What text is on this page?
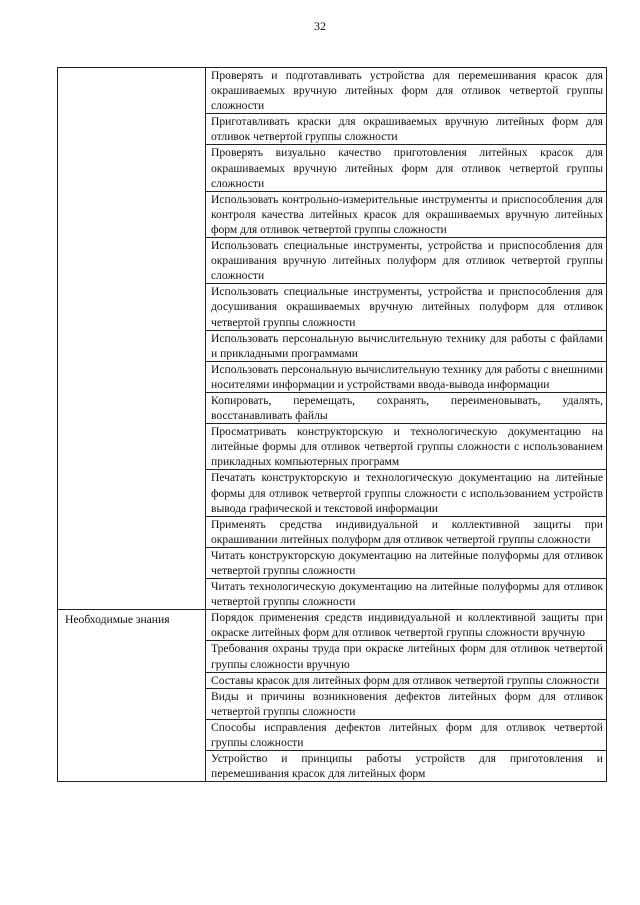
32
	Проверять и подготавливать устройства для перемешивания красок для окрашиваемых вручную литейных форм для отливок четвертой группы сложности
	Приготавливать краски для окрашиваемых вручную литейных форм для отливок четвертой группы сложности
	Проверять визуально качество приготовления литейных красок для окрашиваемых вручную литейных форм для отливок четвертой группы сложности
	Использовать контрольно-измерительные инструменты и приспособления для контроля качества литейных красок для окрашиваемых вручную литейных форм для отливок четвертой группы сложности
	Использовать специальные инструменты, устройства и приспособления для окрашивания вручную литейных полуформ для отливок четвертой группы сложности
	Использовать специальные инструменты, устройства и приспособления для досушивания окрашиваемых вручную литейных полуформ для отливок четвертой группы сложности
	Использовать персональную вычислительную технику для работы с файлами и прикладными программами
	Использовать персональную вычислительную технику для работы с внешними носителями информации и устройствами ввода-вывода информации
	Копировать, перемещать, сохранять, переименовывать, удалять, восстанавливать файлы
	Просматривать конструкторскую и технологическую документацию на литейные формы для отливок четвертой группы сложности с использованием прикладных компьютерных программ
	Печатать конструкторскую и технологическую документацию на литейные формы для отливок четвертой группы сложности с использованием устройств вывода графической и текстовой информации
	Применять средства индивидуальной и коллективной защиты при окрашивании литейных полуформ для отливок четвертой группы сложности
	Читать конструкторскую документацию на литейные полуформы для отливок четвертой группы сложности
	Читать технологическую документацию на литейные полуформы для отливок четвертой группы сложности
Необходимые знания	Порядок применения средств индивидуальной и коллективной защиты при окраске литейных форм для отливок четвертой группы сложности вручную
	Требования охраны труда при окраске литейных форм для отливок четвертой группы сложности вручную
	Составы красок для литейных форм для отливок четвертой группы сложности
	Виды и причины возникновения дефектов литейных форм для отливок четвертой группы сложности
	Способы исправления дефектов литейных форм для отливок четвертой группы сложности
	Устройство и принципы работы устройств для приготовления и перемешивания красок для литейных форм
